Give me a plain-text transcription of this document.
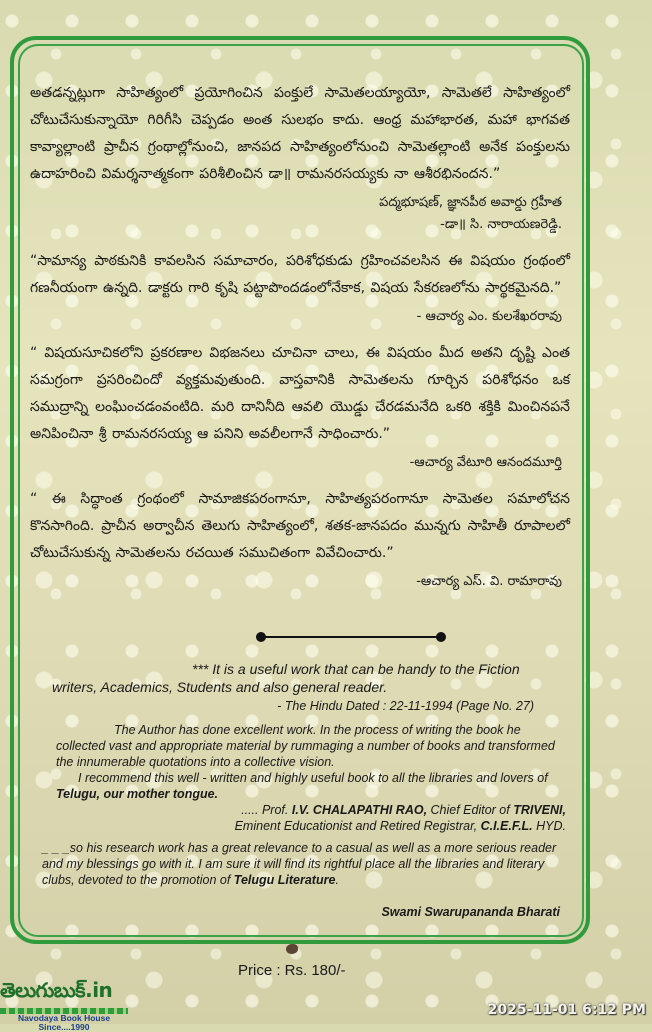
అతడన్నట్లుగా సాహిత్యంలో ప్రయోగించిన పంక్తులే సామెతలయ్యాయో, సామెతలే సాహిత్యంలో చోటుచేసుకున్నాయో గిరిగీసి చెప్పడం అంత సులభం కాదు. ఆంధ్ర మహాభారత, మహా భాగవత కావ్యాల్లాంటి ప్రాచీన గ్రంథాల్లోనుంచి, జానపద సాహిత్యంలోనుంచి సామెతల్లాంటి అనేక పంక్తులను ఉదాహరించి విమర్శనాత్మకంగా పరిశీలించిన డా॥ రామనరసయ్యకు నా ఆశీరభినందన.”

పద్మభూషణ్, జ్ఞానపీఠ అవార్డు గ్రహీత

-డా॥ సి. నారాయణరెడ్డి.

“సామాన్య పాఠకునికి కావలసిన సమాచారం, పరిశోధకుడు గ్రహించవలసిన ఈ విషయం గ్రంథంలో గణనీయంగా ఉన్నది. డాక్టరు గారి కృషి పట్టాపొందడంలోనేకాక, విషయ సేకరణలోను సార్థకమైనది.”

- ఆచార్య ఎం. కులశేఖరరావు

“ విషయసూచికలోని ప్రకరణాల విభజనలు చూచినా చాలు, ఈ విషయం మీద అతని దృష్టి ఎంత సమగ్రంగా ప్రసరించిందో వ్యక్తమవుతుంది. వాస్తవానికి సామెతలను గూర్చిన పరిశోధనం ఒక సముద్రాన్ని లంఘించడంవంటిది. మరి దానినీది ఆవలి యొడ్డు చేరడమనేది ఒకరి శక్తికి మించినపనే అనిపించినా శ్రీ రామనరసయ్య ఆ పనిని అవలీలగానే సాధించారు.”

-ఆచార్య వేటూరి ఆనందమూర్తి

“ ఈ సిద్ధాంత గ్రంథంలో సామాజికపరంగానూ, సాహిత్యపరంగానూ సామెతల సమాలోచన కొనసాగింది. ప్రాచీన అర్వాచీన తెలుగు సాహిత్యంలో, శతక-జానపదం మున్నగు సాహితీ రూపాలలో చోటుచేసుకున్న సామెతలను రచయిత సముచితంగా వివేచించారు.”

-ఆచార్య ఎస్. వి. రామారావు

*** It is a useful work that can be handy to the Fiction writers, Academics, Students and also general reader.

- The Hindu Dated : 22-11-1994 (Page No. 27)

The Author has done excellent work. In the process of writing the book he collected vast and appropriate material by rummaging a number of books and transformed the innumerable quotations into a collective vision.

I recommend this well - written and highly useful book to all the libraries and lovers of Telugu, our mother tongue.

..... Prof. I.V. CHALAPATHI RAO, Chief Editor of TRIVENI,

Eminent Educationist and Retired Registrar, C.I.E.F.L. HYD.

_ _ _so his research work has a great relevance to a casual as well as a more serious reader and my blessings go with it. I am sure it will find its rightful place all the libraries and literary clubs, devoted to the promotion of Telugu Literature.

Swami Swarupananda Bharati

Price : Rs. 180/-
తెలుగుబుక్.in
Navodaya Book House
Since....1990
2025-11-01 6:12 PM
